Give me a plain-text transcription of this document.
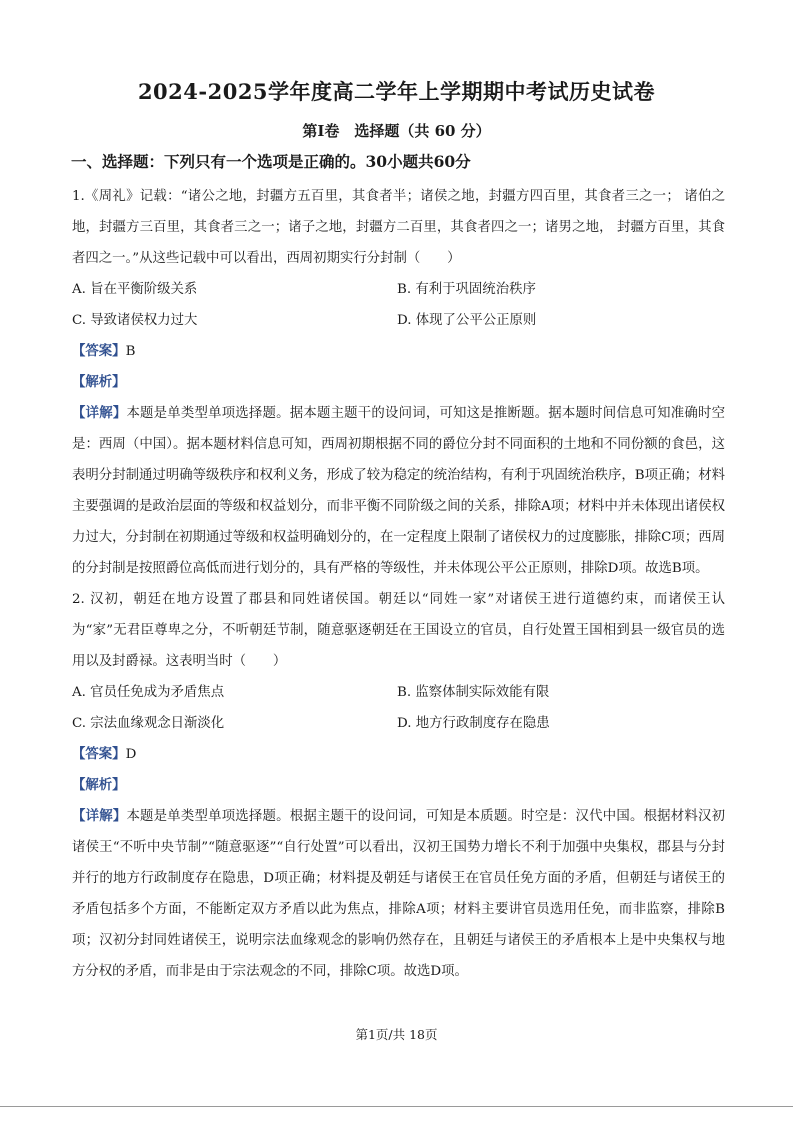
2024-2025学年度高二学年上学期期中考试历史试卷
第Ⅰ卷　选择题（共 60 分）
一、选择题：下列只有一个选项是正确的。30小题共60分

1.《周礼》记载：“诸公之地，封疆方五百里，其食者半；诸侯之地，封疆方四百里，其食者三之一； 诸伯之地，封疆方三百里，其食者三之一；诸子之地，封疆方二百里，其食者四之一；诸男之地， 封疆方百里，其食者四之一。”从这些记载中可以看出，西周初期实行分封制（　　）

A. 旨在平衡阶级关系	B. 有利于巩固统治秩序
C. 导致诸侯权力过大	D. 体现了公平公正原则
【答案】B
【解析】

【详解】本题是单类型单项选择题。据本题主题干的设问词，可知这是推断题。据本题时间信息可知准确时空是：西周（中国）。据本题材料信息可知，西周初期根据不同的爵位分封不同面积的土地和不同份额的食邑，这表明分封制通过明确等级秩序和权利义务，形成了较为稳定的统治结构，有利于巩固统治秩序，B项正确；材料主要强调的是政治层面的等级和权益划分，而非平衡不同阶级之间的关系，排除A项；材料中并未体现出诸侯权力过大，分封制在初期通过等级和权益明确划分的，在一定程度上限制了诸侯权力的过度膨胀，排除C项；西周的分封制是按照爵位高低而进行划分的，具有严格的等级性，并未体现公平公正原则，排除D项。故选B项。

2. 汉初，朝廷在地方设置了郡县和同姓诸侯国。朝廷以“同姓一家”对诸侯王进行道德约束，而诸侯王认为“家”无君臣尊卑之分，不听朝廷节制，随意驱逐朝廷在王国设立的官员，自行处置王国相到县一级官员的选用以及封爵禄。这表明当时（　　）

A. 官员任免成为矛盾焦点	B. 监察体制实际效能有限
C. 宗法血缘观念日渐淡化	D. 地方行政制度存在隐患
【答案】D
【解析】

【详解】本题是单类型单项选择题。根据主题干的设问词，可知是本质题。时空是：汉代中国。根据材料汉初诸侯王“不听中央节制”“随意驱逐”“自行处置”可以看出，汉初王国势力增长不利于加强中央集权，郡县与分封并行的地方行政制度存在隐患，D项正确；材料提及朝廷与诸侯王在官员任免方面的矛盾，但朝廷与诸侯王的矛盾包括多个方面，不能断定双方矛盾以此为焦点，排除A项；材料主要讲官员选用任免，而非监察，排除B项；汉初分封同姓诸侯王，说明宗法血缘观念的影响仍然存在，且朝廷与诸侯王的矛盾根本上是中央集权与地方分权的矛盾，而非是由于宗法观念的不同，排除C项。故选D项。

第1页/共 18页
